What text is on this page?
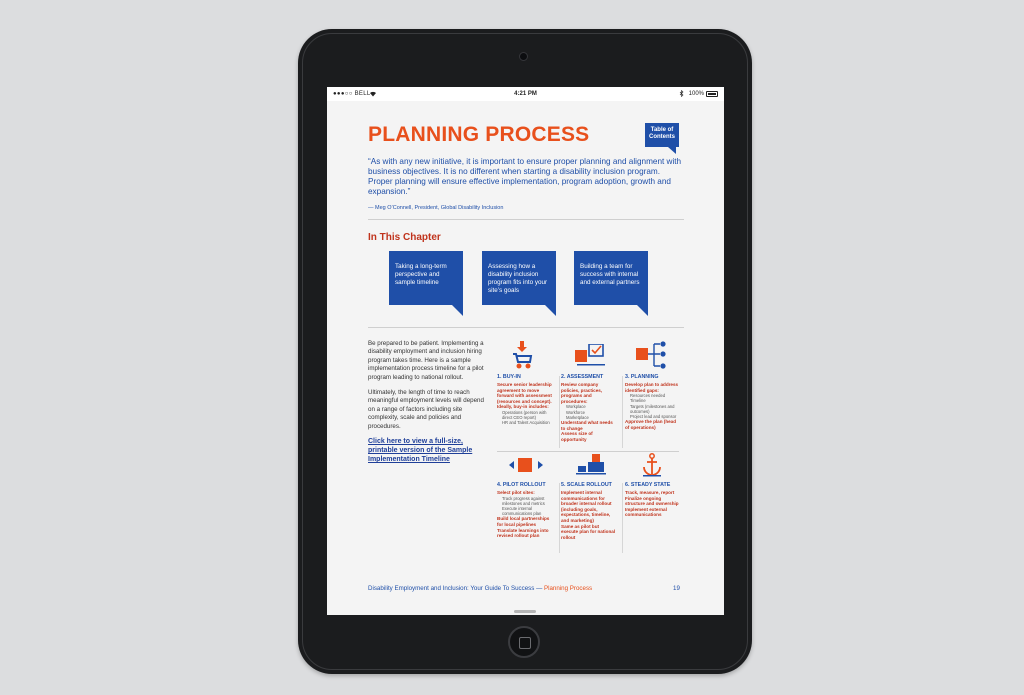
●●●○○ BELL	4:21 PM	100%
PLANNING PROCESS	Table of
Contents
“As with any new initiative, it is important to ensure proper planning and alignment with business objectives. It is no different when starting a disability inclusion program. Proper planning will ensure effective implementation, program adoption, growth and expansion.”
— Meg O’Connell, President, Global Disability Inclusion
In This Chapter
Taking a long-term perspective and sample timeline
Assessing how a disability inclusion program fits into your site’s goals
Building a team for success with internal and external partners
Be prepared to be patient. Implementing a disability employment and inclusion hiring program takes time. Here is a sample implementation process timeline for a pilot program leading to national rollout.
Ultimately, the length of time to reach meaningful employment levels will depend on a range of factors including site complexity, scale and policies and procedures.
Click here to view a full-size, printable version of the Sample Implementation Timeline
1. BUY-IN
Secure senior leadership agreement to move forward with assessment (resources and concept). Ideally, buy-in includes:
Operations (person with direct CEO report)
HR and Talent Acquisition
2. ASSESSMENT
Review company policies, practices, programs and procedures:
Workplace
Workforce
Marketplace
Understand what needs to change
Assess size of opportunity
3. PLANNING
Develop plan to address identified gaps:
Resources needed
Timeline
Targets (milestones and outcomes)
Project lead and sponsor
Approve the plan (head of operations)
4. PILOT ROLLOUT
Select pilot sites:
Track progress against milestones and metrics
Execute internal communications plan
Build local partnerships for local pipelines
Translate learnings into revised rollout plan
5. SCALE ROLLOUT
Implement internal communications for broader internal rollout (including goals, expectations, timeline, and marketing)
Same as pilot but execute plan for national rollout
6. STEADY STATE
Track, measure, report
Finalize ongoing structure and ownership
Implement external communications
Disability Employment and Inclusion: Your Guide To Success — Planning Process	19
